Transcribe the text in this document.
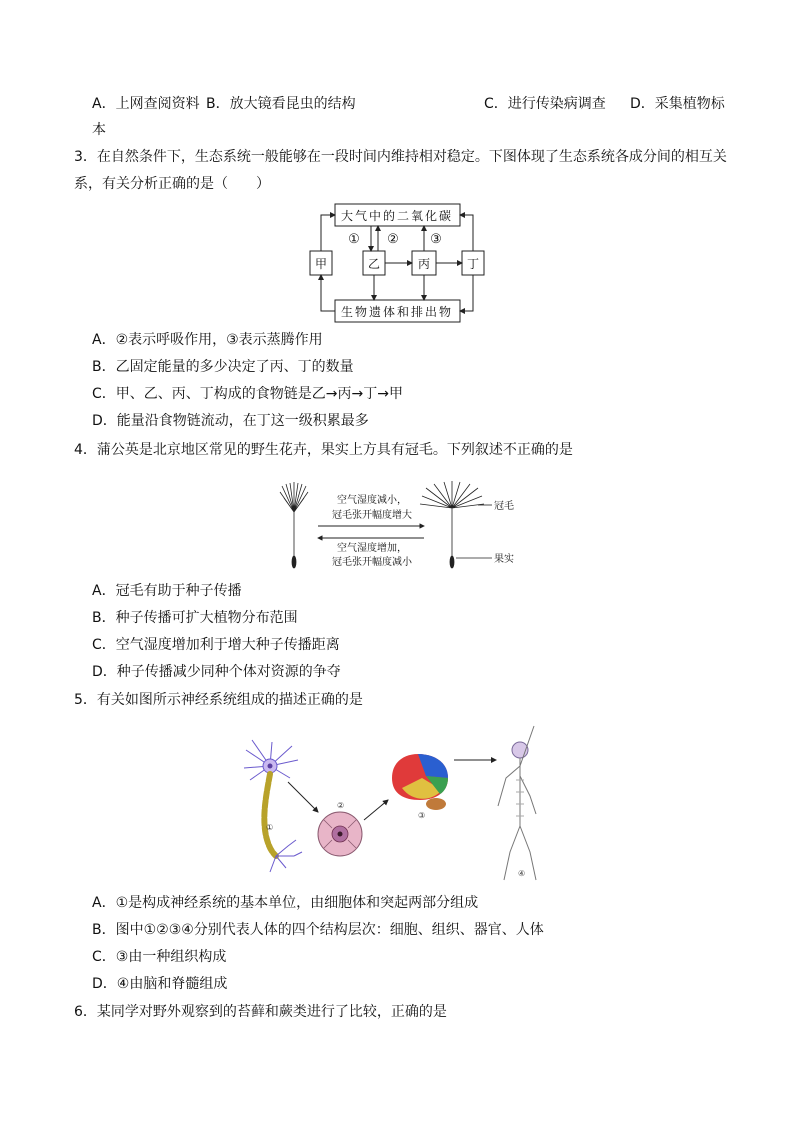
A．上网查阅资料 B．放大镜看昆虫的结构	C．进行传染病调查 D．采集植物标
本
3．在自然条件下，生态系统一般能够在一段时间内维持相对稳定。下图体现了生态系统各成分间的相互关
系，有关分析正确的是（　　）
大气中的二氧化碳
生物遗体和排出物
甲	乙	丙	丁
① ② ③
A．②表示呼吸作用，③表示蒸腾作用
B．乙固定能量的多少决定了丙、丁的数量
C．甲、乙、丙、丁构成的食物链是乙→丙→丁→甲
D．能量沿食物链流动，在丁这一级积累最多
4．蒲公英是北京地区常见的野生花卉，果实上方具有冠毛。下列叙述不正确的是
空气湿度减小，
冠毛张开幅度增大
空气湿度增加，
冠毛张开幅度减小
冠毛
果实
A．冠毛有助于种子传播
B．种子传播可扩大植物分布范围
C．空气湿度增加利于增大种子传播距离
D．种子传播减少同种个体对资源的争夺
5．有关如图所示神经系统组成的描述正确的是
①
②
③
④
A．①是构成神经系统的基本单位，由细胞体和突起两部分组成
B．图中①②③④分别代表人体的四个结构层次：细胞、组织、器官、人体
C．③由一种组织构成
D．④由脑和脊髓组成
6．某同学对野外观察到的苔藓和蕨类进行了比较，正确的是
